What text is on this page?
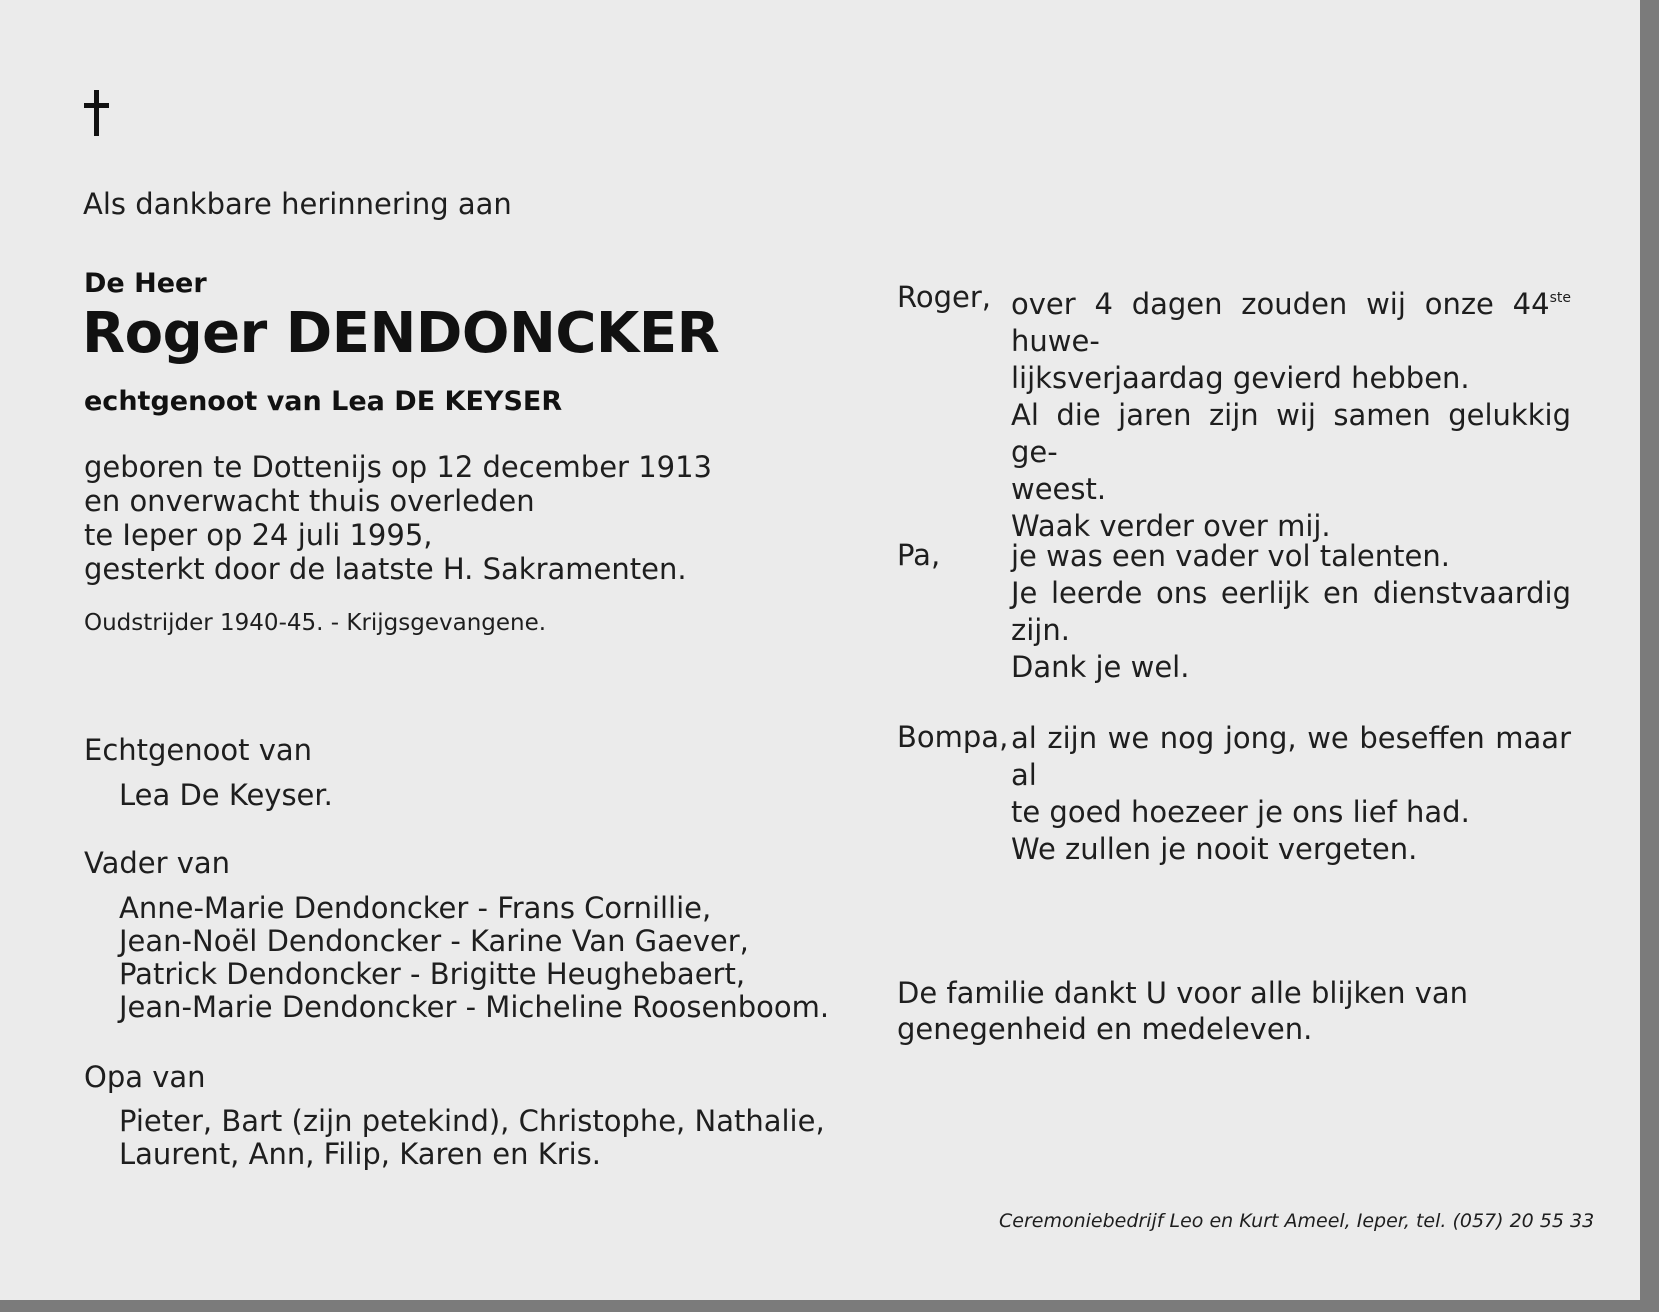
Als dankbare herinnering aan
De Heer
Roger DENDONCKER
echtgenoot van Lea DE KEYSER
geboren te Dottenijs op 12 december 1913
en onverwacht thuis overleden
te Ieper op 24 juli 1995,
gesterkt door de laatste H. Sakramenten.
Oudstrijder 1940-45. - Krijgsgevangene.
Echtgenoot van
Lea De Keyser.
Vader van
Anne-Marie Dendoncker - Frans Cornillie,
Jean-Noël Dendoncker - Karine Van Gaever,
Patrick Dendoncker - Brigitte Heughebaert,
Jean-Marie Dendoncker - Micheline Roosenboom.
Opa van
Pieter, Bart (zijn petekind), Christophe, Nathalie,
Laurent, Ann, Filip, Karen en Kris.
Roger, over 4 dagen zouden wij onze 44ste huwe-
lijksverjaardag gevierd hebben.
Al die jaren zijn wij samen gelukkig ge-
weest.
Waak verder over mij.
Pa, je was een vader vol talenten.
Je leerde ons eerlijk en dienstvaardig zijn.
Dank je wel.
Bompa, al zijn we nog jong, we beseffen maar al
te goed hoezeer je ons lief had.
We zullen je nooit vergeten.
De familie dankt U voor alle blijken van
genegenheid en medeleven.
Ceremoniebedrijf Leo en Kurt Ameel, Ieper, tel. (057) 20 55 33
